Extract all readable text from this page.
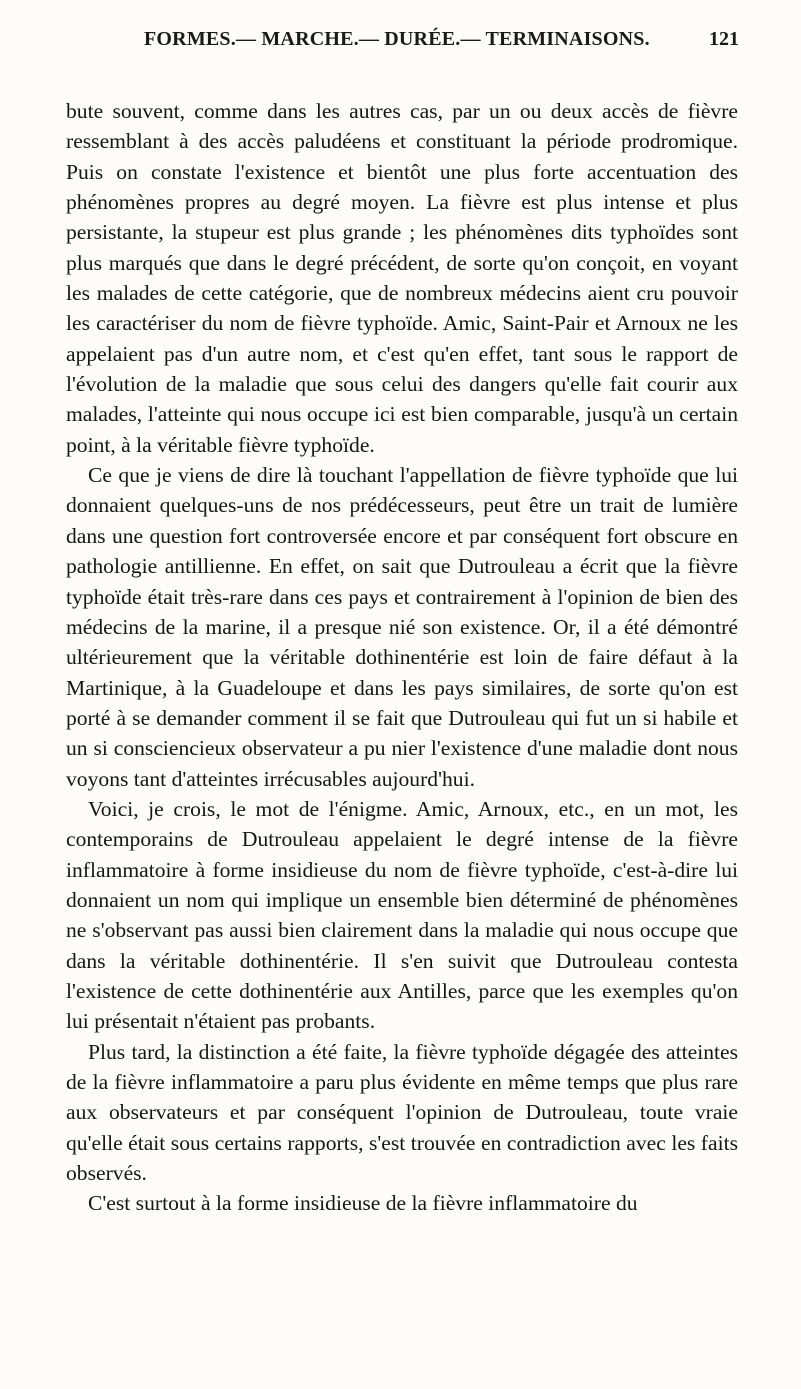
FORMES.— MARCHE.— DURÉE.— TERMINAISONS.	121

bute souvent, comme dans les autres cas, par un ou deux accès de fièvre ressemblant à des accès paludéens et constituant la période prodromique. Puis on constate l'existence et bientôt une plus forte accentuation des phénomènes propres au degré moyen. La fièvre est plus intense et plus persistante, la stupeur est plus grande ; les phénomènes dits typhoïdes sont plus marqués que dans le degré précédent, de sorte qu'on conçoit, en voyant les malades de cette catégorie, que de nombreux médecins aient cru pouvoir les caractériser du nom de fièvre typhoïde. Amic, Saint-Pair et Arnoux ne les appelaient pas d'un autre nom, et c'est qu'en effet, tant sous le rapport de l'évolution de la maladie que sous celui des dangers qu'elle fait courir aux malades, l'atteinte qui nous occupe ici est bien comparable, jusqu'à un certain point, à la véritable fièvre typhoïde.

Ce que je viens de dire là touchant l'appellation de fièvre typhoïde que lui donnaient quelques-uns de nos prédécesseurs, peut être un trait de lumière dans une question fort controversée encore et par conséquent fort obscure en pathologie antillienne. En effet, on sait que Dutrouleau a écrit que la fièvre typhoïde était très-rare dans ces pays et contrairement à l'opinion de bien des médecins de la marine, il a presque nié son existence. Or, il a été démontré ultérieurement que la véritable dothinentérie est loin de faire défaut à la Martinique, à la Guadeloupe et dans les pays similaires, de sorte qu'on est porté à se demander comment il se fait que Dutrouleau qui fut un si habile et un si consciencieux observateur a pu nier l'existence d'une maladie dont nous voyons tant d'atteintes irrécusables aujourd'hui.

Voici, je crois, le mot de l'énigme. Amic, Arnoux, etc., en un mot, les contemporains de Dutrouleau appelaient le degré intense de la fièvre inflammatoire à forme insidieuse du nom de fièvre typhoïde, c'est-à-dire lui donnaient un nom qui implique un ensemble bien déterminé de phénomènes ne s'observant pas aussi bien clairement dans la maladie qui nous occupe que dans la véritable dothinentérie. Il s'en suivit que Dutrouleau contesta l'existence de cette dothinentérie aux Antilles, parce que les exemples qu'on lui présentait n'étaient pas probants.

Plus tard, la distinction a été faite, la fièvre typhoïde dégagée des atteintes de la fièvre inflammatoire a paru plus évidente en même temps que plus rare aux observateurs et par conséquent l'opinion de Dutrouleau, toute vraie qu'elle était sous certains rapports, s'est trouvée en contradiction avec les faits observés.

C'est surtout à la forme insidieuse de la fièvre inflammatoire du
